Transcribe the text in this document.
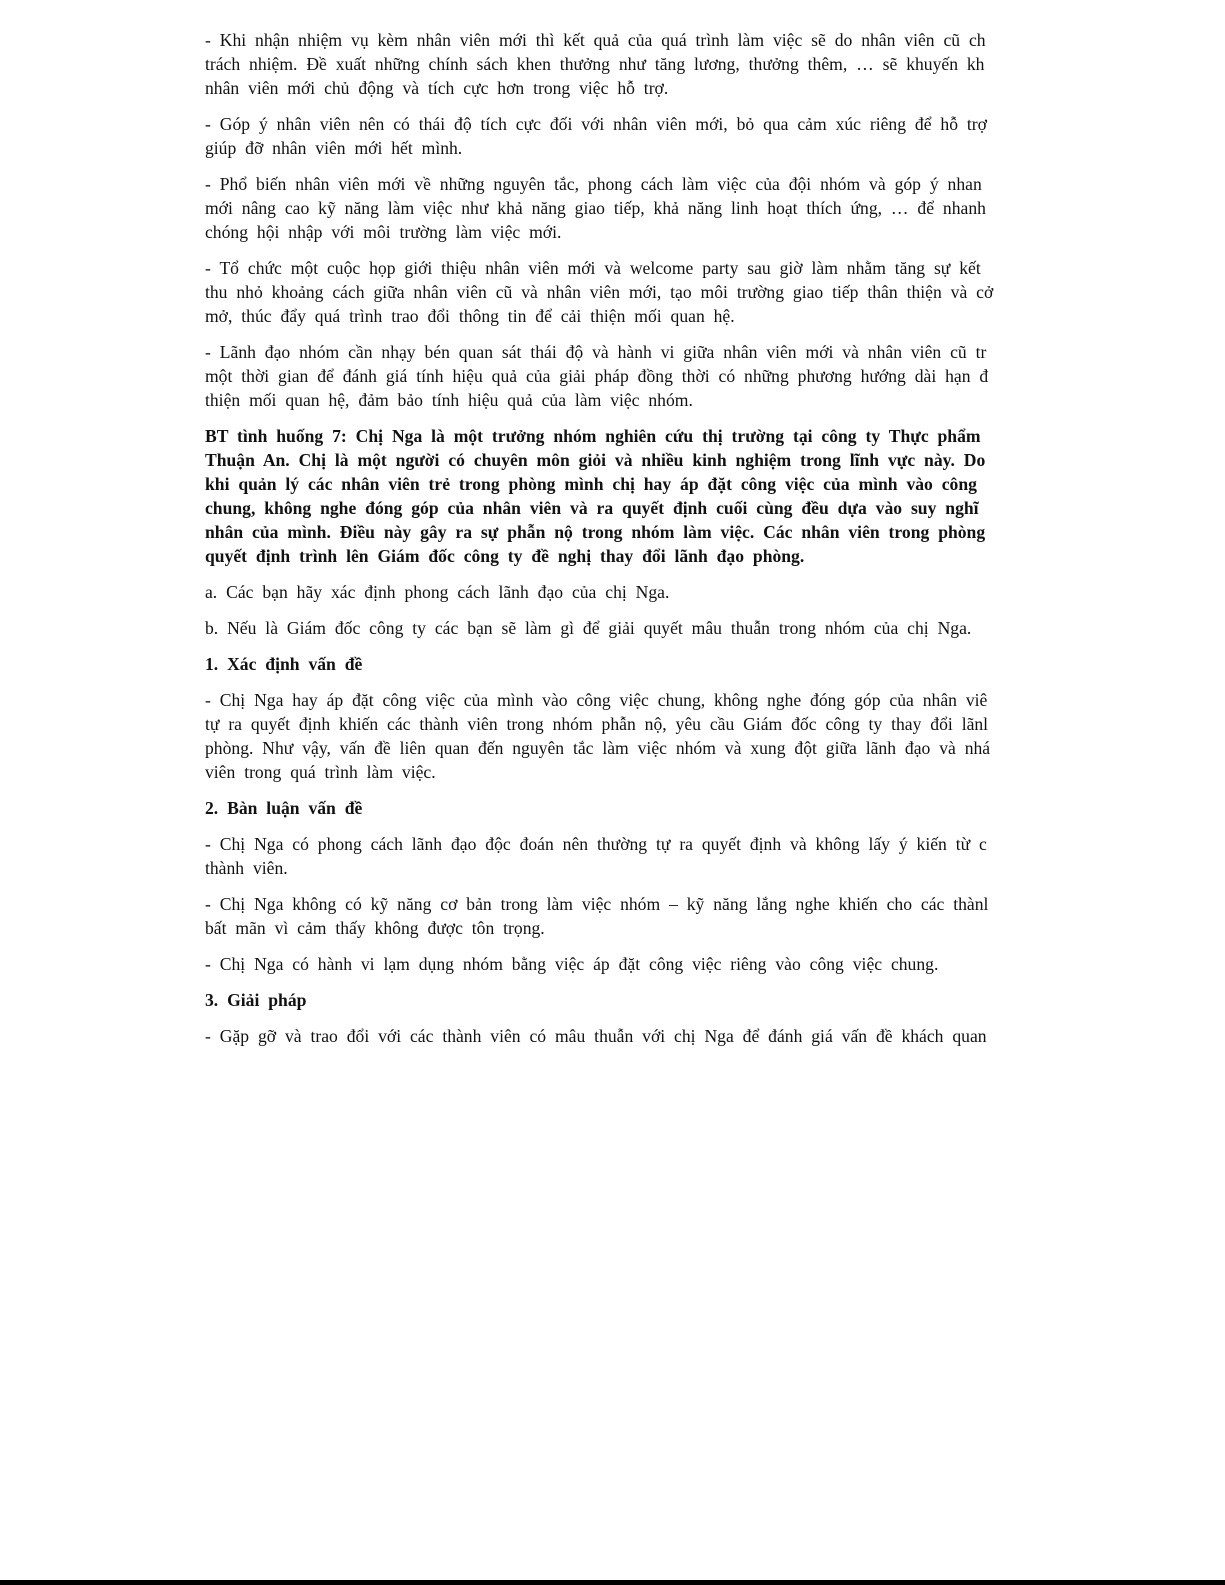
- Khi nhận nhiệm vụ kèm nhân viên mới thì kết quả của quá trình làm việc sẽ do nhân viên cũ ch
trách nhiệm. Đề xuất những chính sách khen thưởng như tăng lương, thưởng thêm, … sẽ khuyến kh
nhân viên mới chủ động và tích cực hơn trong việc hỗ trợ.
- Góp ý nhân viên nên có thái độ tích cực đối với nhân viên mới, bỏ qua cảm xúc riêng để hỗ trợ
giúp đỡ nhân viên mới hết mình.
- Phổ biến nhân viên mới về những nguyên tắc, phong cách làm việc của đội nhóm và góp ý nhan
mới nâng cao kỹ năng làm việc như khả năng giao tiếp, khả năng linh hoạt thích ứng, … để nhanh
chóng hội nhập với môi trường làm việc mới.
- Tổ chức một cuộc họp giới thiệu nhân viên mới và welcome party sau giờ làm nhằm tăng sự kết
thu nhỏ khoảng cách giữa nhân viên cũ và nhân viên mới, tạo môi trường giao tiếp thân thiện và cở
mở, thúc đẩy quá trình trao đổi thông tin để cải thiện mối quan hệ.
- Lãnh đạo nhóm cần nhạy bén quan sát thái độ và hành vi giữa nhân viên mới và nhân viên cũ tr
một thời gian để đánh giá tính hiệu quả của giải pháp đồng thời có những phương hướng dài hạn đ
thiện mối quan hệ, đảm bảo tính hiệu quả của làm việc nhóm.
BT tình huống 7: Chị Nga là một trưởng nhóm nghiên cứu thị trường tại công ty Thực phẩm
Thuận An. Chị là một người có chuyên môn giỏi và nhiều kinh nghiệm trong lĩnh vực này. Do
khi quản lý các nhân viên trẻ trong phòng mình chị hay áp đặt công việc của mình vào công
chung, không nghe đóng góp của nhân viên và ra quyết định cuối cùng đều dựa vào suy nghĩ
nhân của mình. Điều này gây ra sự phẫn nộ trong nhóm làm việc. Các nhân viên trong phòng
quyết định trình lên Giám đốc công ty đề nghị thay đổi lãnh đạo phòng.
a. Các bạn hãy xác định phong cách lãnh đạo của chị Nga.
b. Nếu là Giám đốc công ty các bạn sẽ làm gì để giải quyết mâu thuẫn trong nhóm của chị Nga.
1. Xác định vấn đề
- Chị Nga hay áp đặt công việc của mình vào công việc chung, không nghe đóng góp của nhân viê
tự ra quyết định khiến các thành viên trong nhóm phẫn nộ, yêu cầu Giám đốc công ty thay đổi lãnl
phòng. Như vậy, vấn đề liên quan đến nguyên tắc làm việc nhóm và xung đột giữa lãnh đạo và nhá
viên trong quá trình làm việc.
2. Bàn luận vấn đề
- Chị Nga có phong cách lãnh đạo độc đoán nên thường tự ra quyết định và không lấy ý kiến từ c
thành viên.
- Chị Nga không có kỹ năng cơ bản trong làm việc nhóm – kỹ năng lắng nghe khiến cho các thànl
bất mãn vì cảm thấy không được tôn trọng.
- Chị Nga có hành vi lạm dụng nhóm bằng việc áp đặt công việc riêng vào công việc chung.
3. Giải pháp
- Gặp gỡ và trao đổi với các thành viên có mâu thuẫn với chị Nga để đánh giá vấn đề khách quan
